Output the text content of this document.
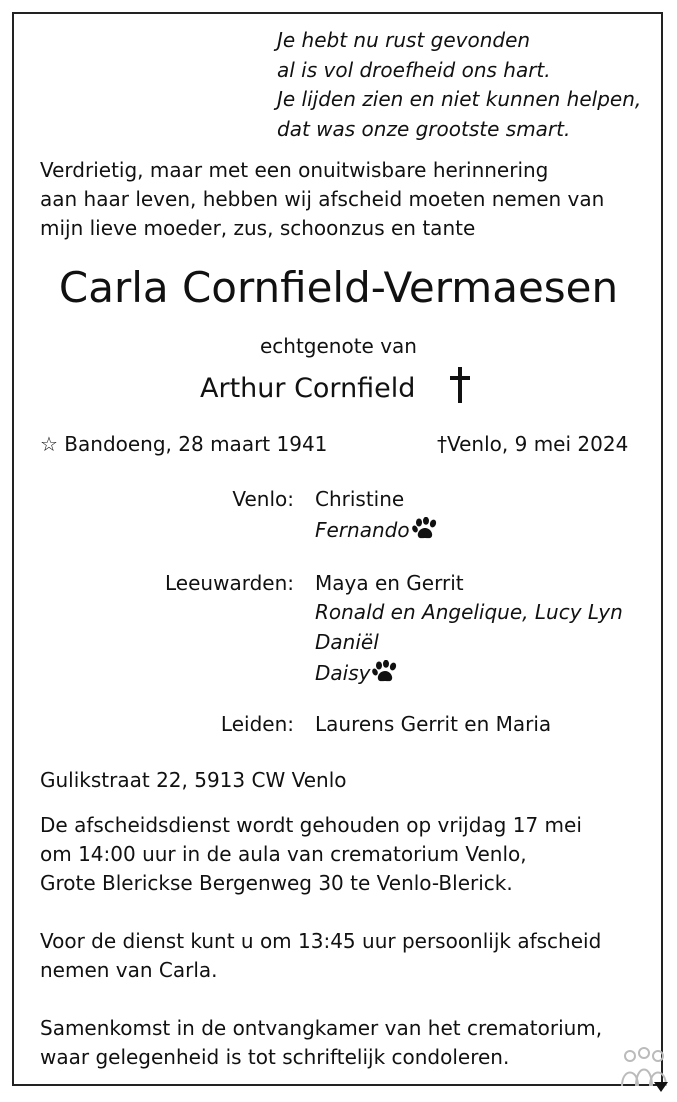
Je hebt nu rust gevonden
al is vol droefheid ons hart.
Je lijden zien en niet kunnen helpen,
dat was onze grootste smart.
Verdrietig, maar met een onuitwisbare herinnering
aan haar leven, hebben wij afscheid moeten nemen van
mijn lieve moeder, zus, schoonzus en tante
Carla Cornfield-Vermaesen
echtgenote van
Arthur Cornfield
☆ Bandoeng, 28 maart 1941	†Venlo, 9 mei 2024
Venlo: Christine
Fernando
Leeuwarden: Maya en Gerrit
Ronald en Angelique, Lucy Lyn
Daniël
Daisy
Leiden: Laurens Gerrit en Maria
Gulikstraat 22, 5913 CW Venlo
De afscheidsdienst wordt gehouden op vrijdag 17 mei
om 14:00 uur in de aula van crematorium Venlo,
Grote Blerickse Bergenweg 30 te Venlo-Blerick.
Voor de dienst kunt u om 13:45 uur persoonlijk afscheid
nemen van Carla.
Samenkomst in de ontvangkamer van het crematorium,
waar gelegenheid is tot schriftelijk condoleren.
